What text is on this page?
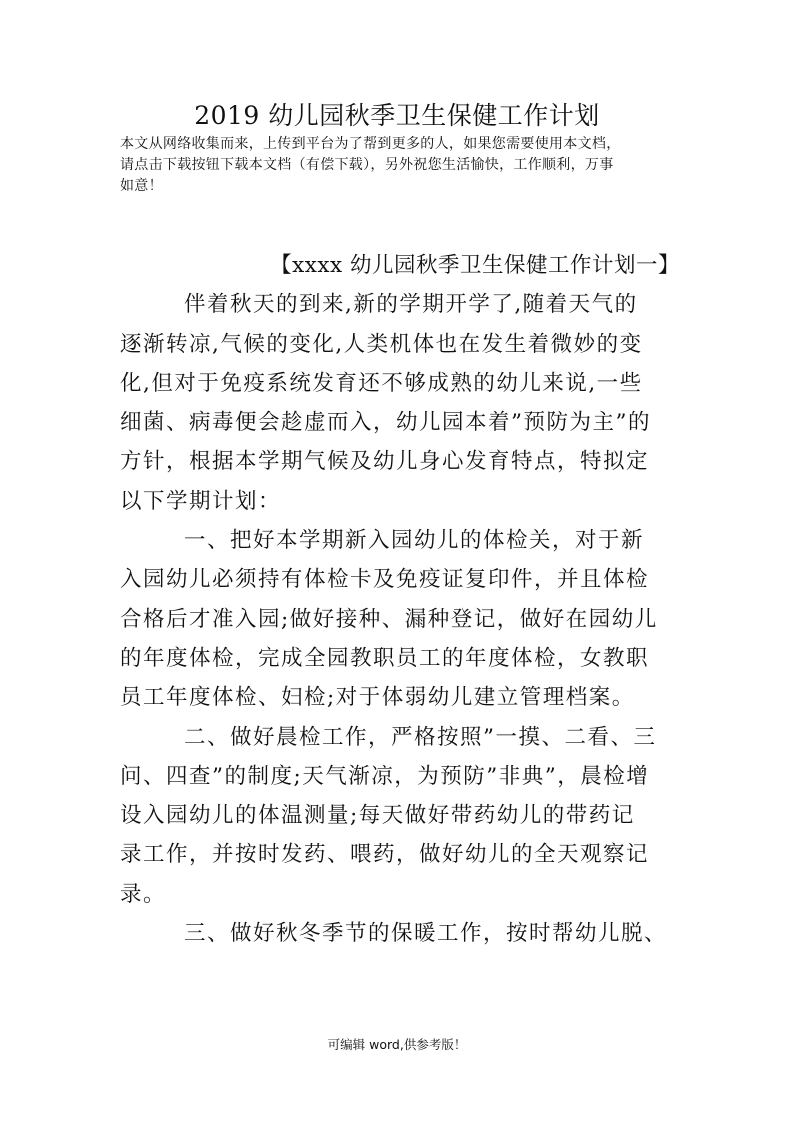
2019 幼儿园秋季卫生保健工作计划
本文从网络收集而来，上传到平台为了帮到更多的人，如果您需要使用本文档，
请点击下载按钮下载本文档（有偿下载），另外祝您生活愉快，工作顺利，万事
如意！
【xxxx 幼儿园秋季卫生保健工作计划一】
伴着秋天的到来,新的学期开学了,随着天气的
逐渐转凉,气候的变化,人类机体也在发生着微妙的变
化,但对于免疫系统发育还不够成熟的幼儿来说,一些
细菌、病毒便会趁虚而入，幼儿园本着”预防为主”的
方针，根据本学期气候及幼儿身心发育特点，特拟定
以下学期计划：
一、把好本学期新入园幼儿的体检关，对于新
入园幼儿必须持有体检卡及免疫证复印件，并且体检
合格后才准入园;做好接种、漏种登记，做好在园幼儿
的年度体检，完成全园教职员工的年度体检，女教职
员工年度体检、妇检;对于体弱幼儿建立管理档案。
二、做好晨检工作，严格按照”一摸、二看、三
问、四查”的制度;天气渐凉，为预防”非典”，晨检增
设入园幼儿的体温测量;每天做好带药幼儿的带药记
录工作，并按时发药、喂药，做好幼儿的全天观察记
录。
三、做好秋冬季节的保暖工作，按时帮幼儿脱、
可编辑 word,供参考版！
